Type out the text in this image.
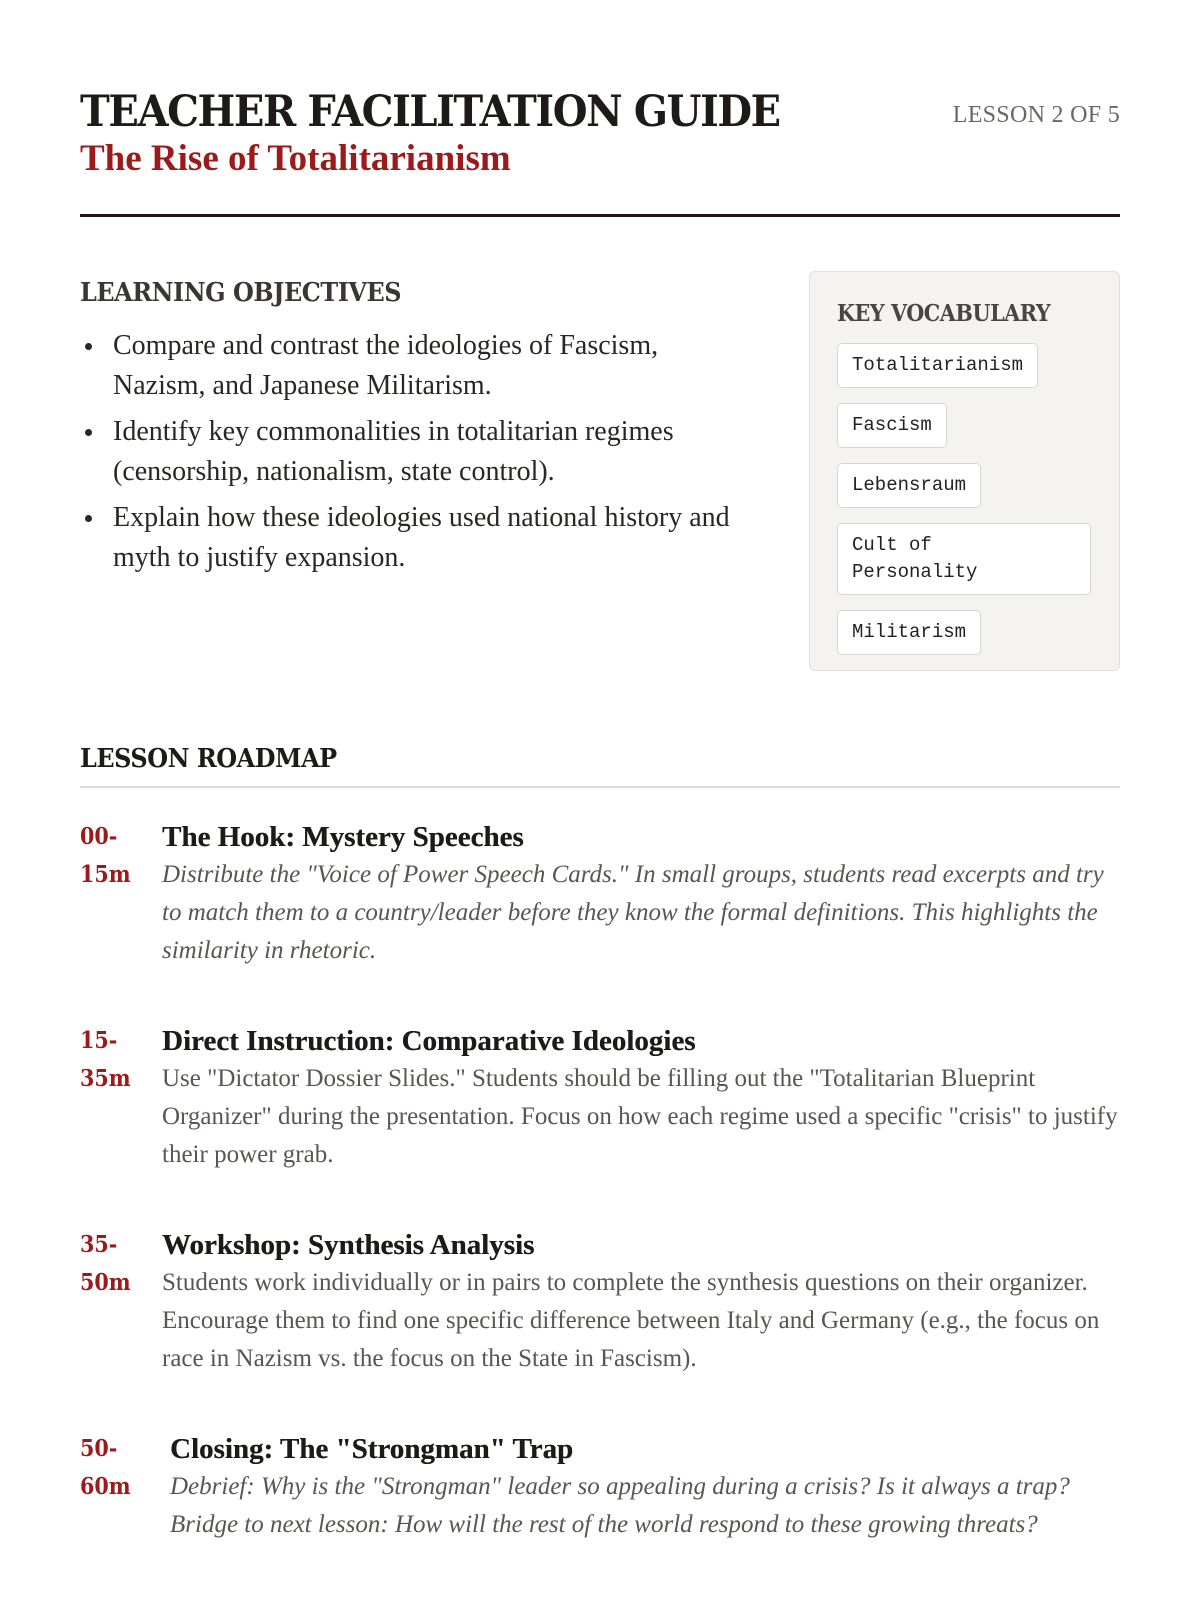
TEACHER FACILITATION GUIDE
The Rise of Totalitarianism
LESSON 2 OF 5
LEARNING OBJECTIVES
Compare and contrast the ideologies of Fascism, Nazism, and Japanese Militarism.
Identify key commonalities in totalitarian regimes (censorship, nationalism, state control).
Explain how these ideologies used national history and myth to justify expansion.
KEY VOCABULARY
Totalitarianism
Fascism
Lebensraum
Cult of Personality
Militarism
LESSON ROADMAP
00-
15m
The Hook: Mystery Speeches
Distribute the "Voice of Power Speech Cards." In small groups, students read excerpts and try to match them to a country/leader before they know the formal definitions. This highlights the similarity in rhetoric.
15-
35m
Direct Instruction: Comparative Ideologies
Use "Dictator Dossier Slides." Students should be filling out the "Totalitarian Blueprint Organizer" during the presentation. Focus on how each regime used a specific "crisis" to justify their power grab.
35-
50m
Workshop: Synthesis Analysis
Students work individually or in pairs to complete the synthesis questions on their organizer. Encourage them to find one specific difference between Italy and Germany (e.g., the focus on race in Nazism vs. the focus on the State in Fascism).
50-
60m
Closing: The "Strongman" Trap
Debrief: Why is the "Strongman" leader so appealing during a crisis? Is it always a trap? Bridge to next lesson: How will the rest of the world respond to these growing threats?
